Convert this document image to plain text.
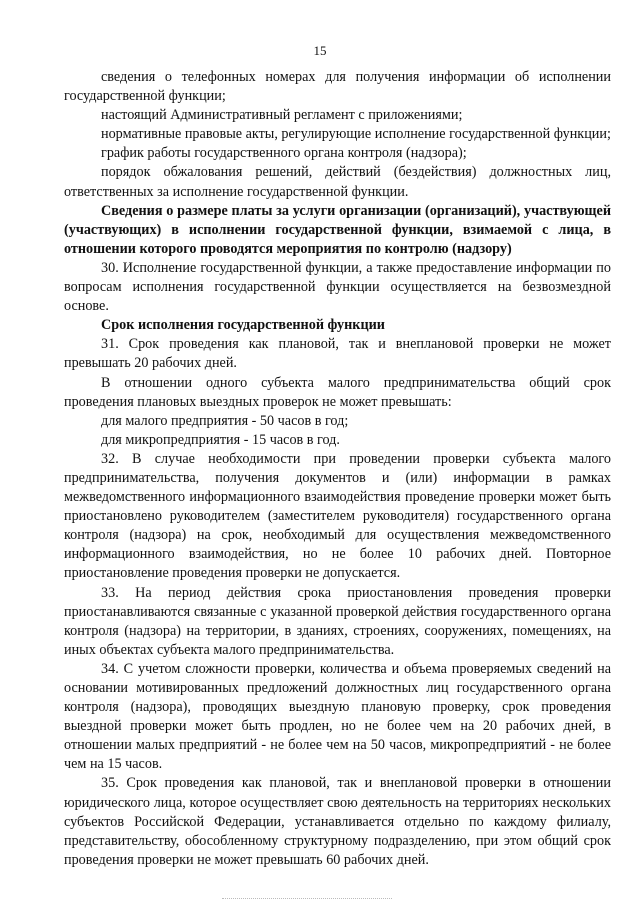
15

сведения о телефонных номерах для получения информации об исполнении государственной функции;

настоящий Административный регламент с приложениями;

нормативные правовые акты, регулирующие исполнение государственной функции;

график работы государственного органа контроля (надзора);

порядок обжалования решений, действий (бездействия) должностных лиц, ответственных за исполнение государственной функции.

Сведения о размере платы за услуги организации (организаций), участвующей (участвующих) в исполнении государственной функции, взимаемой с лица, в отношении которого проводятся мероприятия по контролю (надзору)

30. Исполнение государственной функции, а также предоставление информации по вопросам исполнения государственной функции осуществляется на безвозмездной основе.

Срок исполнения государственной функции

31. Срок проведения как плановой, так и внеплановой проверки не может превышать 20 рабочих дней.

В отношении одного субъекта малого предпринимательства общий срок проведения плановых выездных проверок не может превышать:

для малого предприятия - 50 часов в год;

для микропредприятия - 15 часов в год.

32. В случае необходимости при проведении проверки субъекта малого предпринимательства, получения документов и (или) информации в рамках межведомственного информационного взаимодействия проведение проверки может быть приостановлено руководителем (заместителем руководителя) государственного органа контроля (надзора) на срок, необходимый для осуществления межведомственного информационного взаимодействия, но не более 10 рабочих дней. Повторное приостановление проведения проверки не допускается.

33. На период действия срока приостановления проведения проверки приостанавливаются связанные с указанной проверкой действия государственного органа контроля (надзора) на территории, в зданиях, строениях, сооружениях, помещениях, на иных объектах субъекта малого предпринимательства.

34. С учетом сложности проверки, количества и объема проверяемых сведений на основании мотивированных предложений должностных лиц государственного органа контроля (надзора), проводящих выездную плановую проверку, срок проведения выездной проверки может быть продлен, но не более чем на 20 рабочих дней, в отношении малых предприятий - не более чем на 50 часов, микропредприятий - не более чем на 15 часов.

35. Срок проведения как плановой, так и внеплановой проверки в отношении юридического лица, которое осуществляет свою деятельность на территориях нескольких субъектов Российской Федерации, устанавливается отдельно по каждому филиалу, представительству, обособленному структурному подразделению, при этом общий срок проведения проверки не может превышать 60 рабочих дней.
